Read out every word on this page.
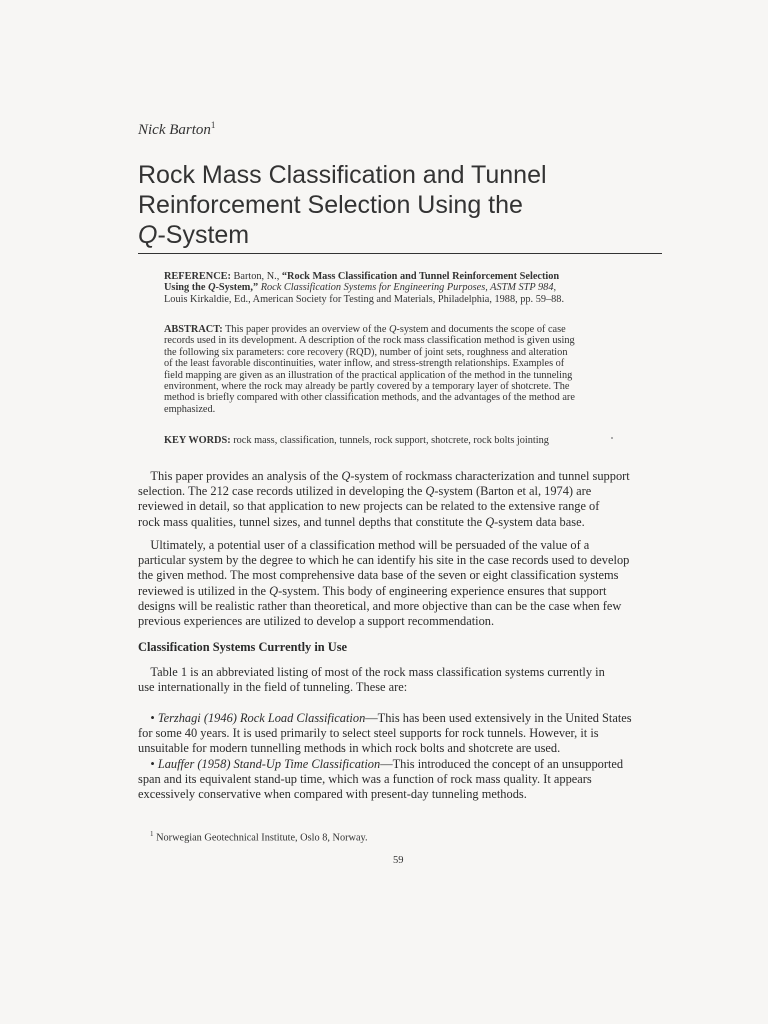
Nick Barton$^1$
Rock Mass Classification and Tunnel
Reinforcement Selection Using the
Q-System
REFERENCE: Barton, N., “Rock Mass Classification and Tunnel Reinforcement Selection
Using the Q-System,” Rock Classification Systems for Engineering Purposes, ASTM STP 984,
Louis Kirkaldie, Ed., American Society for Testing and Materials, Philadelphia, 1988, pp. 59–88.
ABSTRACT: This paper provides an overview of the Q-system and documents the scope of case
records used in its development. A description of the rock mass classification method is given using
the following six parameters: core recovery (RQD), number of joint sets, roughness and alteration
of the least favorable discontinuities, water inflow, and stress-strength relationships. Examples of
field mapping are given as an illustration of the practical application of the method in the tunneling
environment, where the rock may already be partly covered by a temporary layer of shotcrete. The
method is briefly compared with other classification methods, and the advantages of the method are
emphasized.
KEY WORDS: rock mass, classification, tunnels, rock support, shotcrete, rock bolts jointing
 This paper provides an analysis of the Q-system of rockmass characterization and tunnel support
selection. The 212 case records utilized in developing the Q-system (Barton et al, 1974) are
reviewed in detail, so that application to new projects can be related to the extensive range of
rock mass qualities, tunnel sizes, and tunnel depths that constitute the Q-system data base.
 Ultimately, a potential user of a classification method will be persuaded of the value of a
particular system by the degree to which he can identify his site in the case records used to develop
the given method. The most comprehensive data base of the seven or eight classification systems
reviewed is utilized in the Q-system. This body of engineering experience ensures that support
designs will be realistic rather than theoretical, and more objective than can be the case when few
previous experiences are utilized to develop a support recommendation.
Classification Systems Currently in Use
 Table 1 is an abbreviated listing of most of the rock mass classification systems currently in
use internationally in the field of tunneling. These are:
 • Terzhagi (1946) Rock Load Classification—This has been used extensively in the United States
for some 40 years. It is used primarily to select steel supports for rock tunnels. However, it is
unsuitable for modern tunnelling methods in which rock bolts and shotcrete are used.
 • Lauffer (1958) Stand-Up Time Classification—This introduced the concept of an unsupported
span and its equivalent stand-up time, which was a function of rock mass quality. It appears
excessively conservative when compared with present-day tunneling methods.
$^1$ Norwegian Geotechnical Institute, Oslo 8, Norway.
59
